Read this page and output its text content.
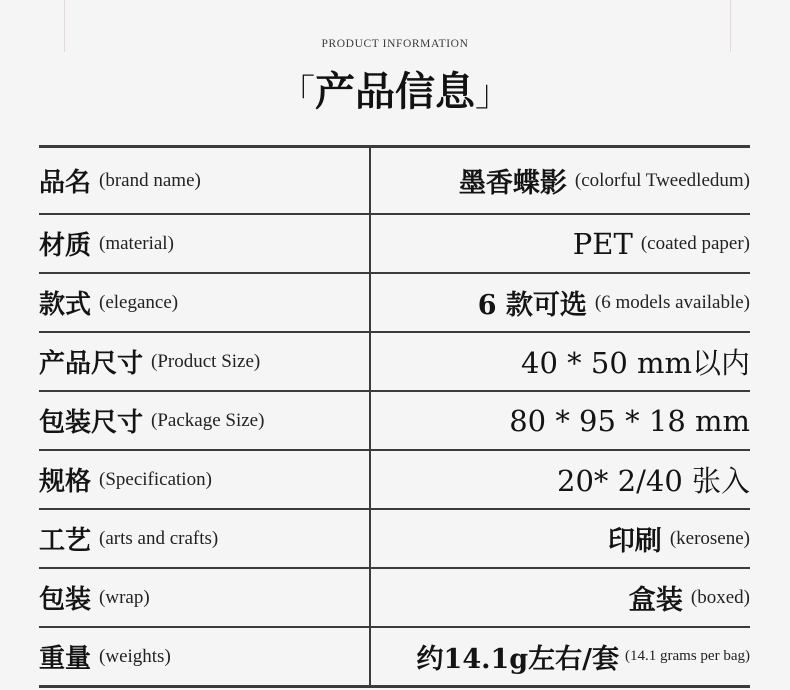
PRODUCT INFORMATION
「产品信息」
品名 (brand name)	墨香蝶影 (colorful Tweedledum)
材质 (material)	PET (coated paper)
款式 (elegance)	6 款可选 (6 models available)
产品尺寸 (Product Size)	40 * 50 mm以内
包装尺寸 (Package Size)	80 * 95 * 18 mm
规格 (Specification)	20* 2/40 张入
工艺 (arts and crafts)	印刷 (kerosene)
包装 (wrap)	盒装 (boxed)
重量 (weights)	约14.1g左右/套 (14.1 grams per bag)
